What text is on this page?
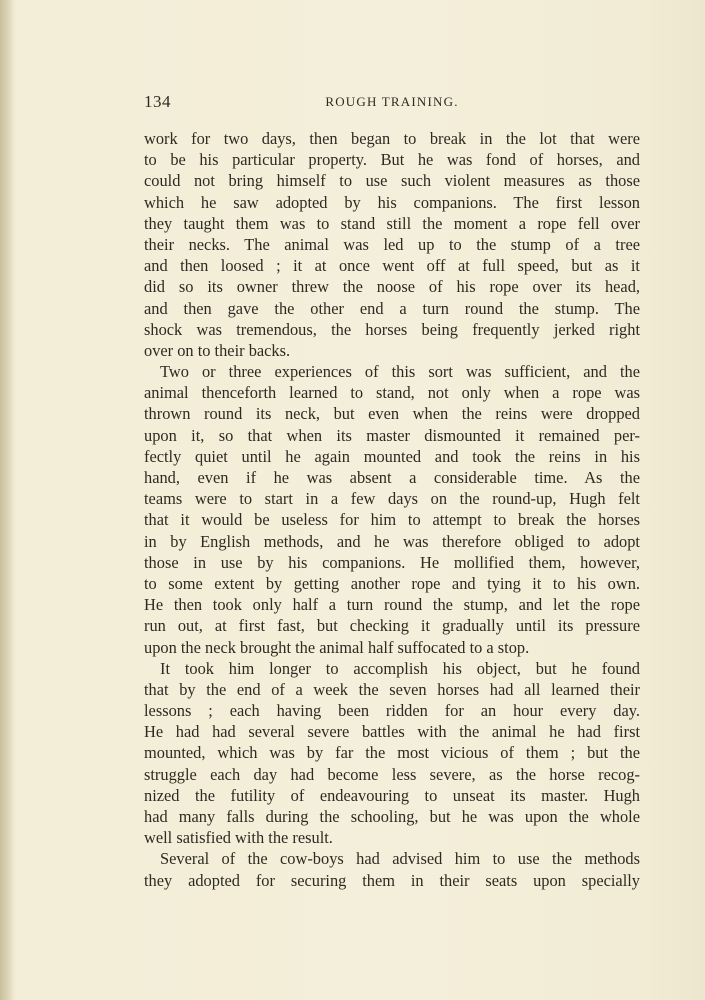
134	ROUGH TRAINING.
work for two days, then began to break in the lot that were
to be his particular property. But he was fond of horses, and
could not bring himself to use such violent measures as those
which he saw adopted by his companions. The first lesson
they taught them was to stand still the moment a rope fell over
their necks. The animal was led up to the stump of a tree
and then loosed ; it at once went off at full speed, but as it
did so its owner threw the noose of his rope over its head,
and then gave the other end a turn round the stump. The
shock was tremendous, the horses being frequently jerked right
over on to their backs.
Two or three experiences of this sort was sufficient, and the
animal thenceforth learned to stand, not only when a rope was
thrown round its neck, but even when the reins were dropped
upon it, so that when its master dismounted it remained per-
fectly quiet until he again mounted and took the reins in his
hand, even if he was absent a considerable time. As the
teams were to start in a few days on the round-up, Hugh felt
that it would be useless for him to attempt to break the horses
in by English methods, and he was therefore obliged to adopt
those in use by his companions. He mollified them, however,
to some extent by getting another rope and tying it to his own.
He then took only half a turn round the stump, and let the rope
run out, at first fast, but checking it gradually until its pressure
upon the neck brought the animal half suffocated to a stop.
It took him longer to accomplish his object, but he found
that by the end of a week the seven horses had all learned their
lessons ; each having been ridden for an hour every day.
He had had several severe battles with the animal he had first
mounted, which was by far the most vicious of them ; but the
struggle each day had become less severe, as the horse recog-
nized the futility of endeavouring to unseat its master. Hugh
had many falls during the schooling, but he was upon the whole
well satisfied with the result.
Several of the cow-boys had advised him to use the methods
they adopted for securing them in their seats upon specially
